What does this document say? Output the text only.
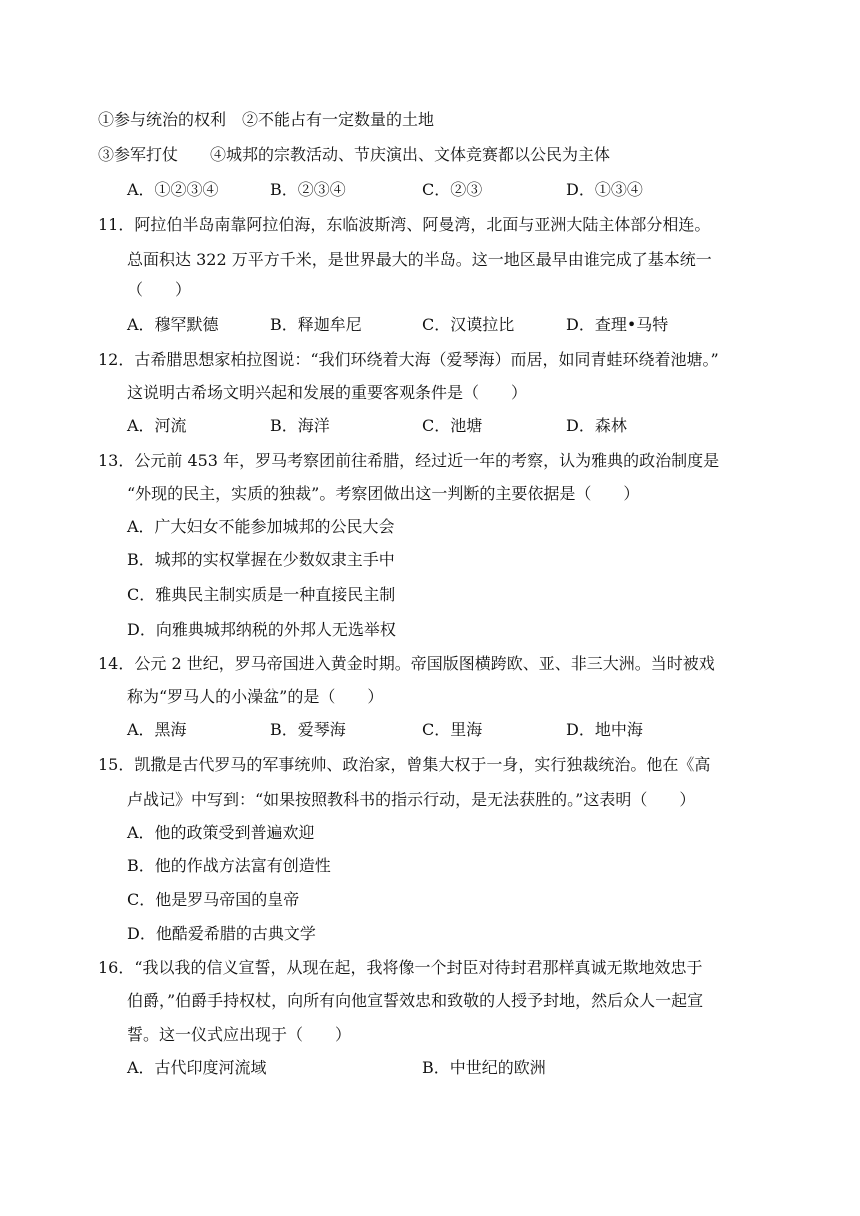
①参与统治的权利　②不能占有一定数量的土地
③参军打仗　　④城邦的宗教活动、节庆演出、文体竞赛都以公民为主体
A．①②③④	B．②③④	C．②③	D．①③④
11．阿拉伯半岛南靠阿拉伯海，东临波斯湾、阿曼湾，北面与亚洲大陆主体部分相连。
总面积达 322 万平方千米，是世界最大的半岛。这一地区最早由谁完成了基本统一
（　　）
A．穆罕默德	B．释迦牟尼	C．汉谟拉比	D．查理•马特
12．古希腊思想家柏拉图说：“我们环绕着大海（爱琴海）而居，如同青蛙环绕着池塘。”
这说明古希场文明兴起和发展的重要客观条件是（　　）
A．河流	B．海洋	C．池塘	D．森林
13．公元前 453 年，罗马考察团前往希腊，经过近一年的考察，认为雅典的政治制度是
“外现的民主，实质的独裁”。考察团做出这一判断的主要依据是（　　）
A．广大妇女不能参加城邦的公民大会
B．城邦的实权掌握在少数奴隶主手中
C．雅典民主制实质是一种直接民主制
D．向雅典城邦纳税的外邦人无选举权
14．公元 2 世纪，罗马帝国进入黄金时期。帝国版图横跨欧、亚、非三大洲。当时被戏
称为“罗马人的小澡盆”的是（　　）
A．黑海	B．爱琴海	C．里海	D．地中海
15．凯撒是古代罗马的军事统帅、政治家，曾集大权于一身，实行独裁统治。他在《高
卢战记》中写到：“如果按照教科书的指示行动，是无法获胜的。”这表明（　　）
A．他的政策受到普遍欢迎
B．他的作战方法富有创造性
C．他是罗马帝国的皇帝
D．他酷爱希腊的古典文学
16．“我以我的信义宣誓，从现在起，我将像一个封臣对待封君那样真诚无欺地效忠于
伯爵，”伯爵手持权杖，向所有向他宣誓效忠和致敬的人授予封地，然后众人一起宣
誓。这一仪式应出现于（　　）
A．古代印度河流域	B．中世纪的欧洲
